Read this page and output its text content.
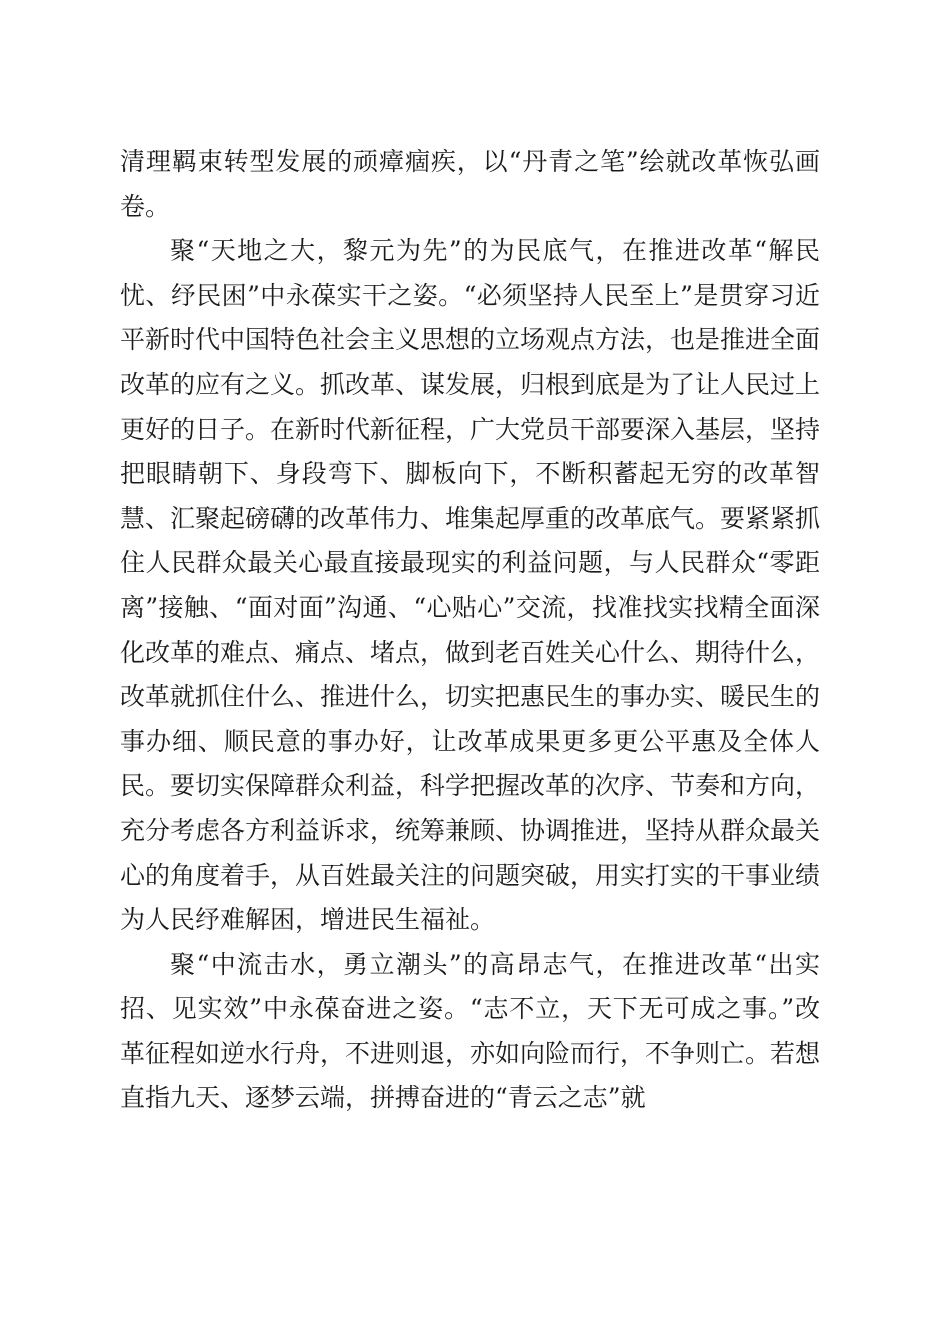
清理羁束转型发展的顽瘴痼疾，以“丹青之笔”绘就改革恢弘画卷。

聚“天地之大，黎元为先”的为民底气，在推进改革“解民忧、纾民困”中永葆实干之姿。“必须坚持人民至上”是贯穿习近平新时代中国特色社会主义思想的立场观点方法，也是推进全面改革的应有之义。抓改革、谋发展，归根到底是为了让人民过上更好的日子。在新时代新征程，广大党员干部要深入基层，坚持把眼睛朝下、身段弯下、脚板向下，不断积蓄起无穷的改革智慧、汇聚起磅礴的改革伟力、堆集起厚重的改革底气。要紧紧抓住人民群众最关心最直接最现实的利益问题，与人民群众“零距离”接触、“面对面”沟通、“心贴心”交流，找准找实找精全面深化改革的难点、痛点、堵点，做到老百姓关心什么、期待什么，改革就抓住什么、推进什么，切实把惠民生的事办实、暖民生的事办细、顺民意的事办好，让改革成果更多更公平惠及全体人民。要切实保障群众利益，科学把握改革的次序、节奏和方向，充分考虑各方利益诉求，统筹兼顾、协调推进，坚持从群众最关心的角度着手，从百姓最关注的问题突破，用实打实的干事业绩为人民纾难解困，增进民生福祉。

聚“中流击水，勇立潮头”的高昂志气，在推进改革“出实招、见实效”中永葆奋进之姿。“志不立，天下无可成之事。”改革征程如逆水行舟，不进则退，亦如向险而行，不争则亡。若想直指九天、逐梦云端，拼搏奋进的“青云之志”就
